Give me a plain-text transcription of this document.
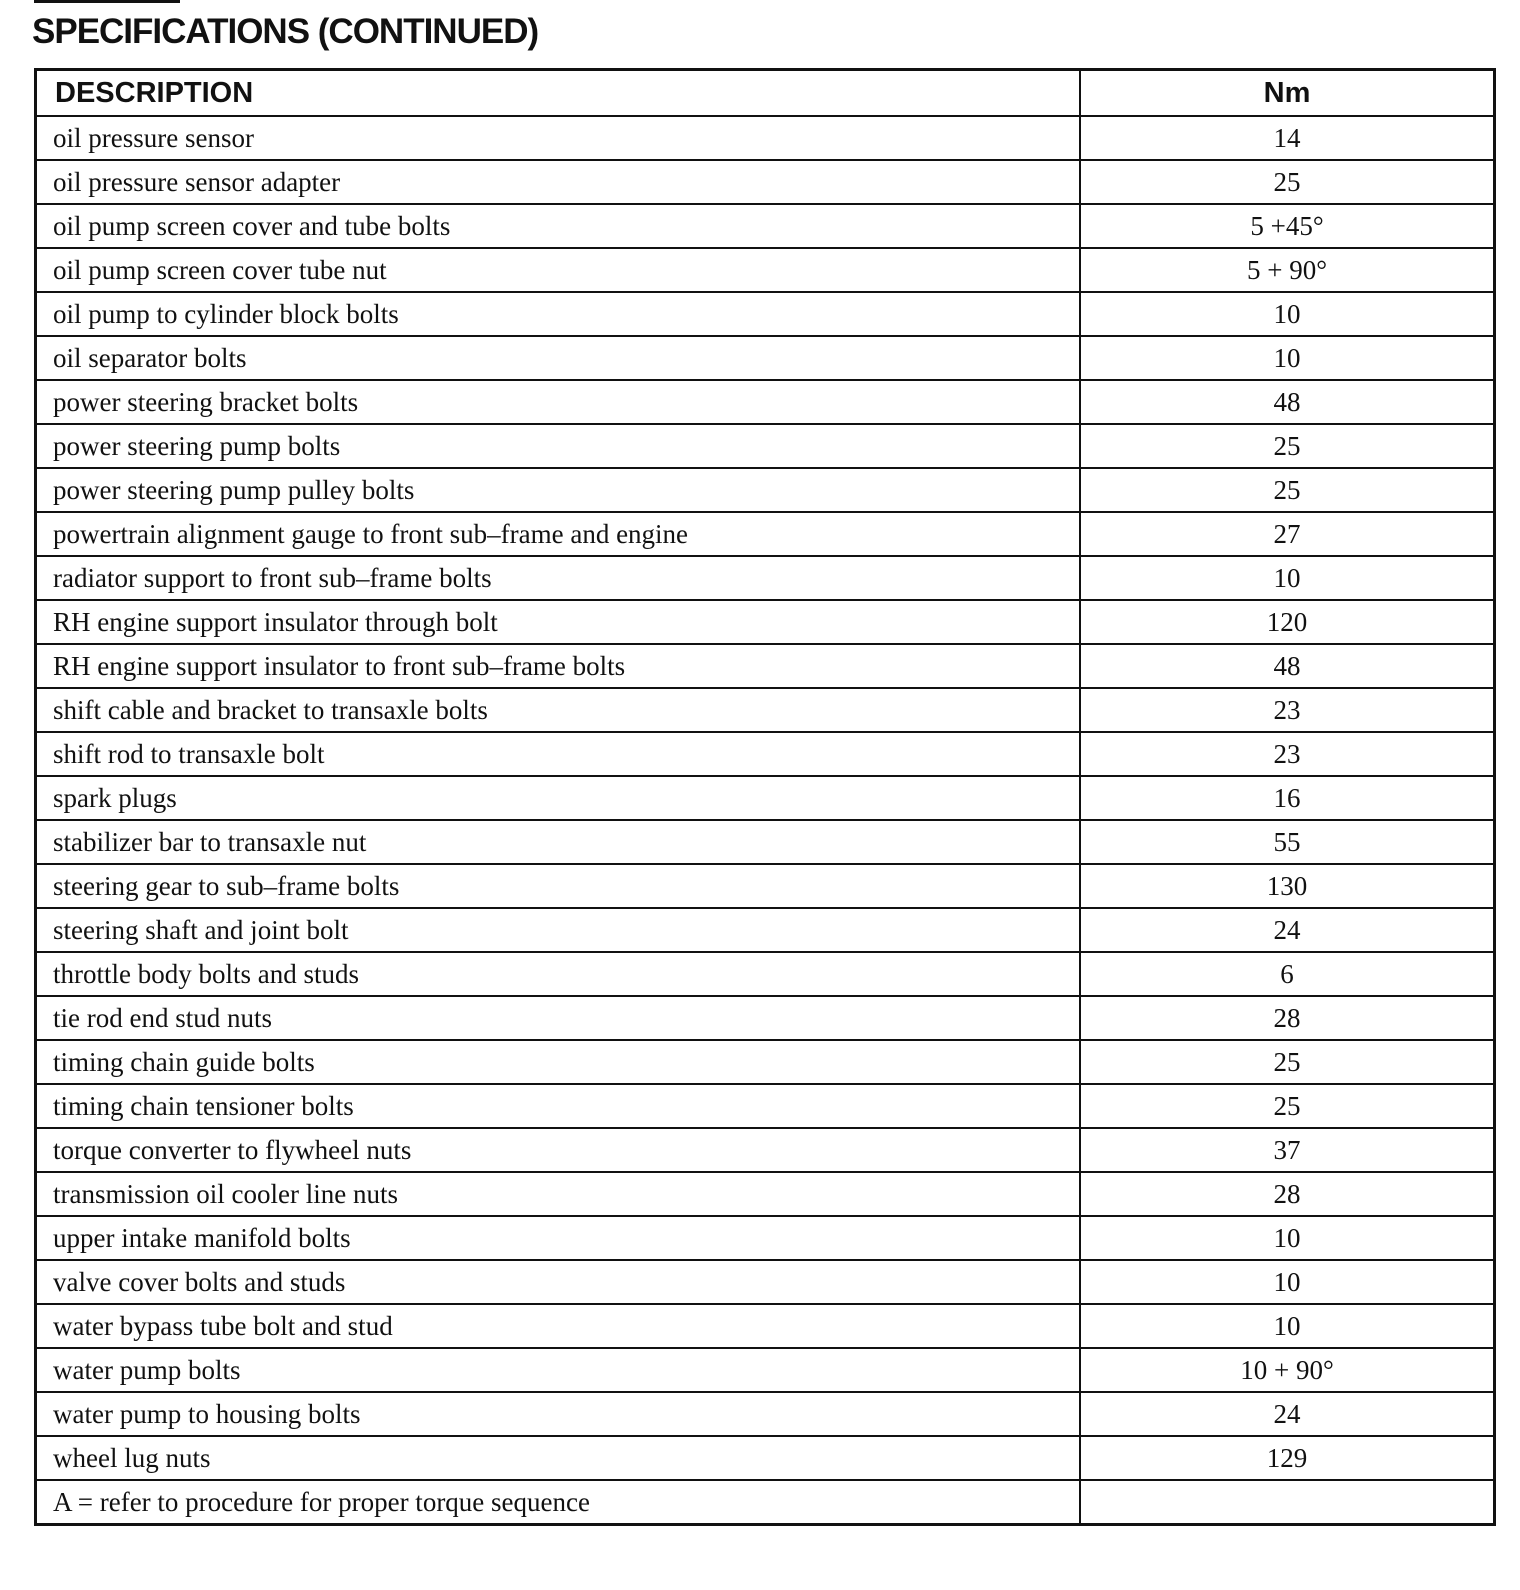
SPECIFICATIONS (CONTINUED)
DESCRIPTION	Nm
oil pressure sensor	14
oil pressure sensor adapter	25
oil pump screen cover and tube bolts	5 +45°
oil pump screen cover tube nut	5 + 90°
oil pump to cylinder block bolts	10
oil separator bolts	10
power steering bracket bolts	48
power steering pump bolts	25
power steering pump pulley bolts	25
powertrain alignment gauge to front sub–frame and engine	27
radiator support to front sub–frame bolts	10
RH engine support insulator through bolt	120
RH engine support insulator to front sub–frame bolts	48
shift cable and bracket to transaxle bolts	23
shift rod to transaxle bolt	23
spark plugs	16
stabilizer bar to transaxle nut	55
steering gear to sub–frame bolts	130
steering shaft and joint bolt	24
throttle body bolts and studs	6
tie rod end stud nuts	28
timing chain guide bolts	25
timing chain tensioner bolts	25
torque converter to flywheel nuts	37
transmission oil cooler line nuts	28
upper intake manifold bolts	10
valve cover bolts and studs	10
water bypass tube bolt and stud	10
water pump bolts	10 + 90°
water pump to housing bolts	24
wheel lug nuts	129
A = refer to procedure for proper torque sequence	
